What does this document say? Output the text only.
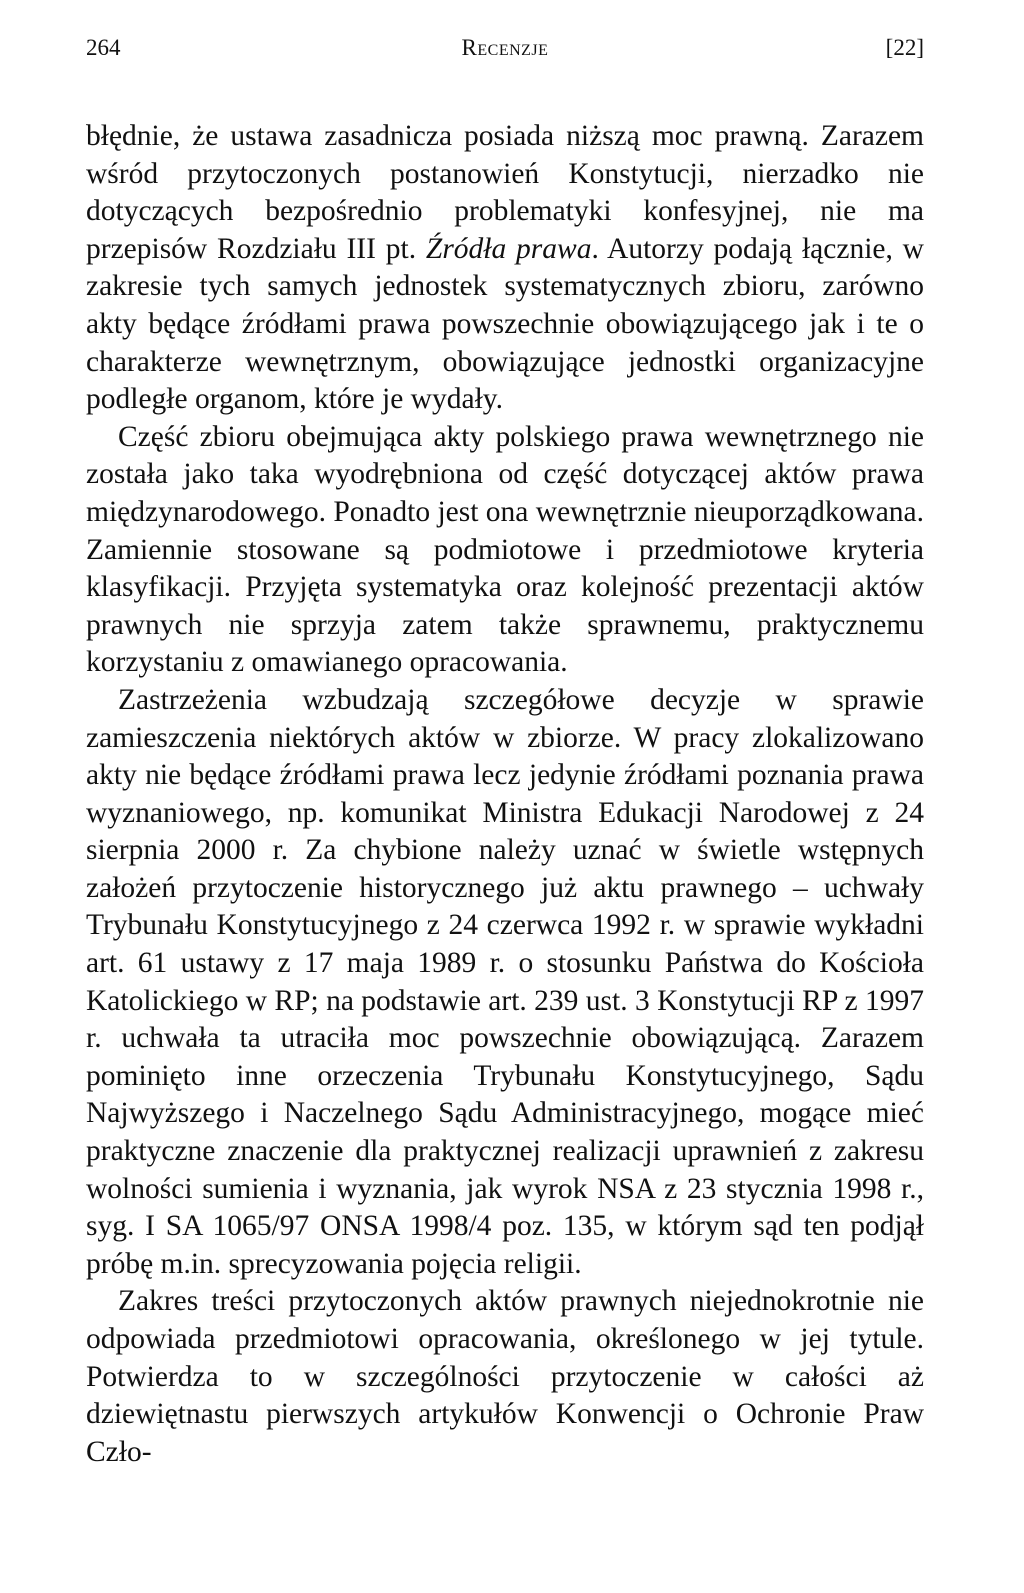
264	Recenzje	[22]

błędnie, że ustawa zasadnicza posiada niższą moc prawną. Zarazem wśród przytoczonych postanowień Konstytucji, nierzadko nie dotyczących bezpośrednio problematyki konfesyjnej, nie ma przepisów Rozdziału III pt. Źródła prawa. Autorzy podają łącznie, w zakresie tych samych jednostek systematycznych zbioru, zarówno akty będące źródłami prawa powszechnie obowiązującego jak i te o charakterze wewnętrznym, obowiązujące jednostki organizacyjne podległe organom, które je wydały.

Część zbioru obejmująca akty polskiego prawa wewnętrznego nie została jako taka wyodrębniona od część dotyczącej aktów prawa międzynarodowego. Ponadto jest ona wewnętrznie nieuporządkowana. Zamiennie stosowane są podmiotowe i przedmiotowe kryteria klasyfikacji. Przyjęta systematyka oraz kolejność prezentacji aktów prawnych nie sprzyja zatem także sprawnemu, praktycznemu korzystaniu z omawianego opracowania.

Zastrzeżenia wzbudzają szczegółowe decyzje w sprawie zamieszczenia niektórych aktów w zbiorze. W pracy zlokalizowano akty nie będące źródłami prawa lecz jedynie źródłami poznania prawa wyznaniowego, np. komunikat Ministra Edukacji Narodowej z 24 sierpnia 2000 r. Za chybione należy uznać w świetle wstępnych założeń przytoczenie historycznego już aktu prawnego – uchwały Trybunału Konstytucyjnego z 24 czerwca 1992 r. w sprawie wykładni art. 61 ustawy z 17 maja 1989 r. o stosunku Państwa do Kościoła Katolickiego w RP; na podstawie art. 239 ust. 3 Konstytucji RP z 1997 r. uchwała ta utraciła moc powszechnie obowiązującą. Zarazem pominięto inne orzeczenia Trybunału Konstytucyjnego, Sądu Najwyższego i Naczelnego Sądu Administracyjnego, mogące mieć praktyczne znaczenie dla praktycznej realizacji uprawnień z zakresu wolności sumienia i wyznania, jak wyrok NSA z 23 stycznia 1998 r., syg. I SA 1065/97 ONSA 1998/4 poz. 135, w którym sąd ten podjął próbę m.in. sprecyzowania pojęcia religii.

Zakres treści przytoczonych aktów prawnych niejednokrotnie nie odpowiada przedmiotowi opracowania, określonego w jej tytule. Potwierdza to w szczególności przytoczenie w całości aż dziewiętnastu pierwszych artykułów Konwencji o Ochronie Praw Czło-
